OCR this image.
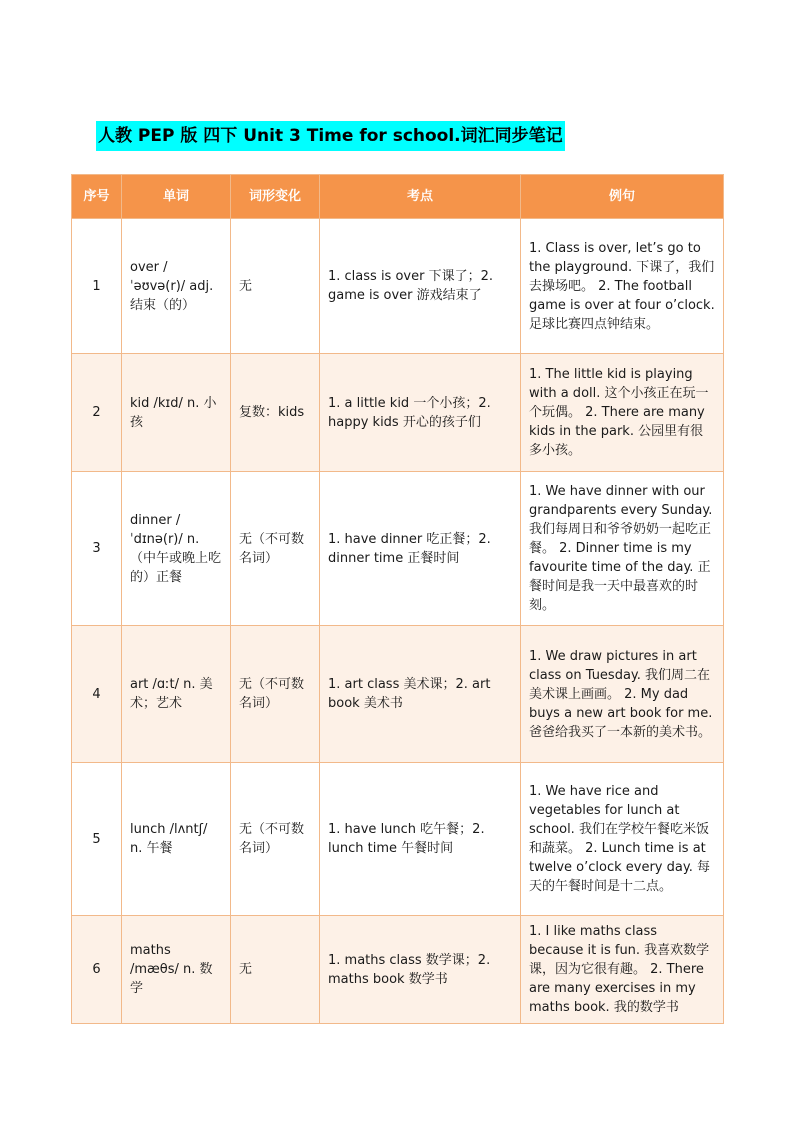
人教 PEP 版 四下 Unit 3 Time for school.词汇同步笔记
序号	单词	词形变化	考点	例句
1	over /ˈəʊvə(r)/ adj. 结束（的）	无	1. class is over 下课了；2. game is over 游戏结束了	1. Class is over, let’s go to the playground. 下课了，我们去操场吧。 2. The football game is over at four o’clock. 足球比赛四点钟结束。
2	kid /kɪd/ n. 小孩	复数：kids	1. a little kid 一个小孩；2. happy kids 开心的孩子们	1. The little kid is playing with a doll. 这个小孩正在玩一个玩偶。 2. There are many kids in the park. 公园里有很多小孩。
3	dinner /ˈdɪnə(r)/ n.（中午或晚上吃的）正餐	无（不可数名词）	1. have dinner 吃正餐；2. dinner time 正餐时间	1. We have dinner with our grandparents every Sunday. 我们每周日和爷爷奶奶一起吃正餐。 2. Dinner time is my favourite time of the day. 正餐时间是我一天中最喜欢的时刻。
4	art /ɑːt/ n. 美术；艺术	无（不可数名词）	1. art class 美术课；2. art book 美术书	1. We draw pictures in art class on Tuesday. 我们周二在美术课上画画。 2. My dad buys a new art book for me. 爸爸给我买了一本新的美术书。
5	lunch /lʌntʃ/ n. 午餐	无（不可数名词）	1. have lunch 吃午餐；2. lunch time 午餐时间	1. We have rice and vegetables for lunch at school. 我们在学校午餐吃米饭和蔬菜。 2. Lunch time is at twelve o’clock every day. 每天的午餐时间是十二点。
6	maths /mæθs/ n. 数学	无	1. maths class 数学课；2. maths book 数学书	1. I like maths class because it is fun. 我喜欢数学课，因为它很有趣。 2. There are many exercises in my maths book. 我的数学书
